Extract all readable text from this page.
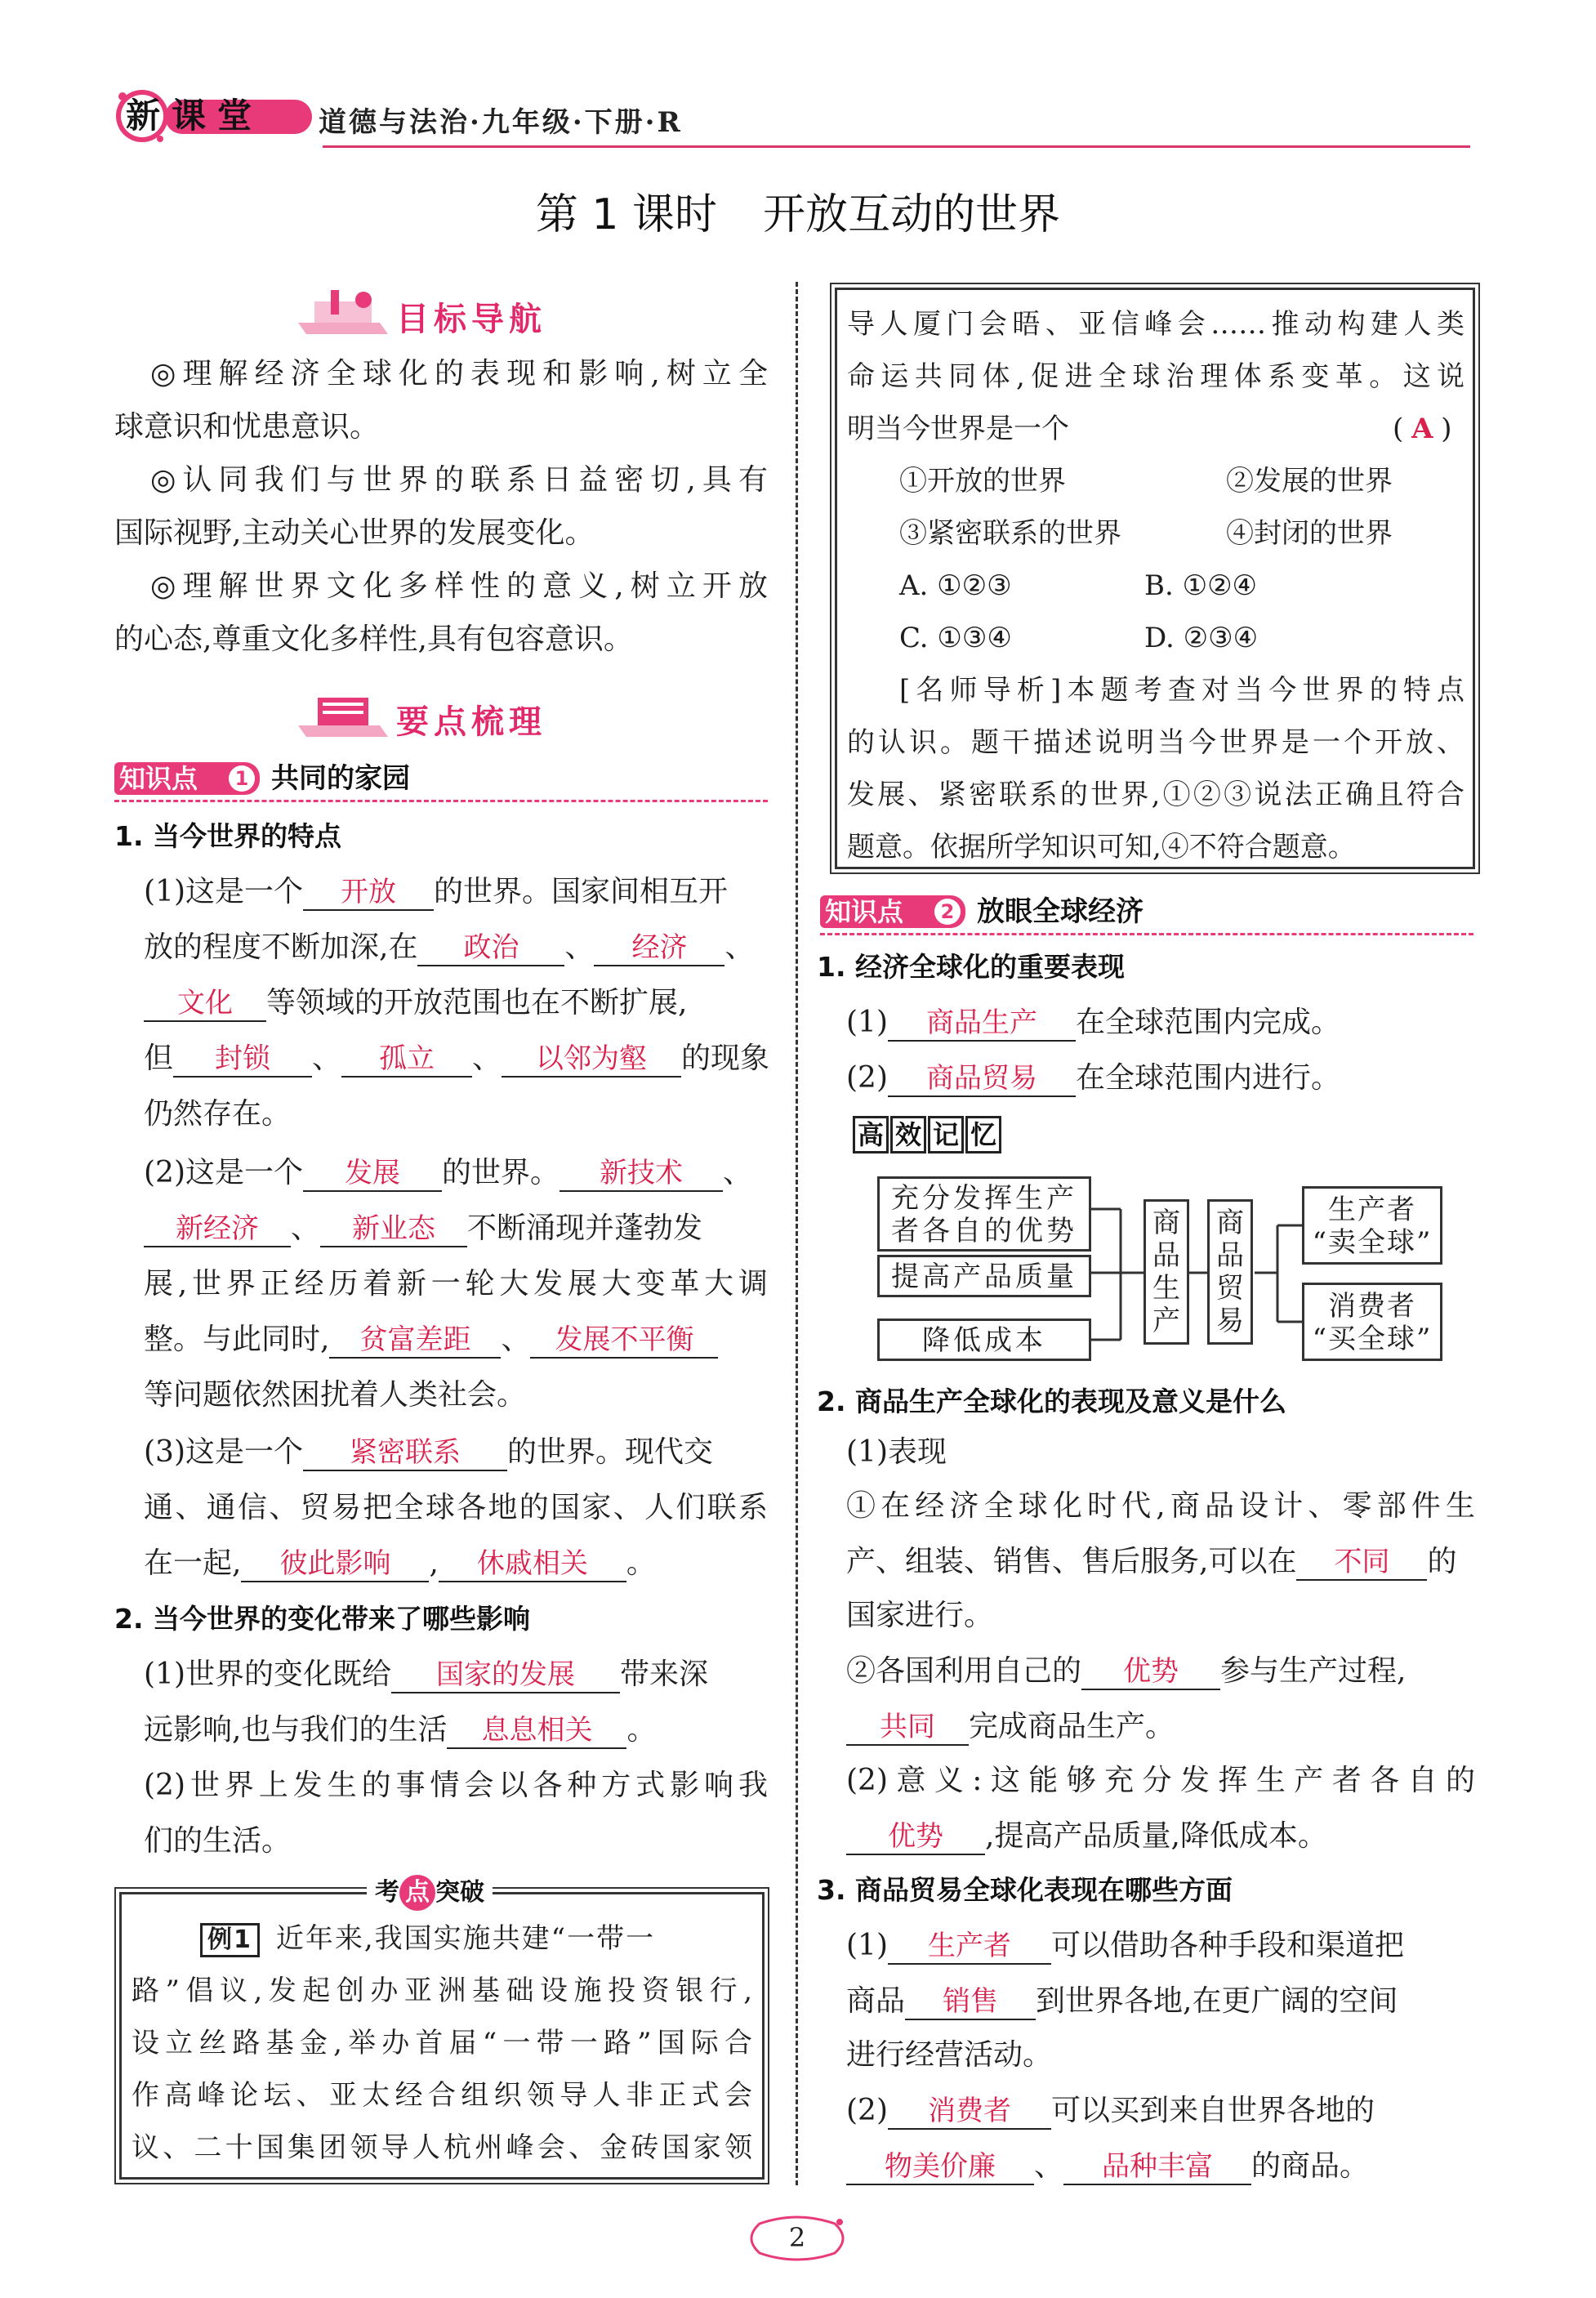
新课堂 道德与法治·九年级·下册·R
第 1 课时 开放互动的世界
目标导航
◎理解经济全球化的表现和影响,树立全
球意识和忧患意识。
◎认同我们与世界的联系日益密切,具有
国际视野,主动关心世界的发展变化。
◎理解世界文化多样性的意义,树立开放
的心态,尊重文化多样性,具有包容意识。
要点梳理
知识点	1 共同的家园
1. 当今世界的特点
(1)这是一个 开放 的世界。国家间相互开
放的程度不断加深,在 政治 、 经济 、
文化 等领域的开放范围也在不断扩展,
但 封锁 、 孤立 、 以邻为壑 的现象
仍然存在。
(2)这是一个 发展 的世界。 新技术 、
新经济 、 新业态 不断涌现并蓬勃发
展,世界正经历着新一轮大发展大变革大调
整。与此同时, 贫富差距 、 发展不平衡
等问题依然困扰着人类社会。
(3)这是一个 紧密联系 的世界。现代交
通、通信、贸易把全球各地的国家、人们联系
在一起, 彼此影响 , 休戚相关 。
2. 当今世界的变化带来了哪些影响
(1)世界的变化既给 国家的发展 带来深
远影响,也与我们的生活 息息相关 。
(2)世界上发生的事情会以各种方式影响我
们的生活。
考 点 突破
例1 近年来,我国实施共建“一带一
路”倡议,发起创办亚洲基础设施投资银行,
设立丝路基金,举办首届“一带一路”国际合
作高峰论坛、亚太经合组织领导人非正式会
议、二十国集团领导人杭州峰会、金砖国家领
导人厦门会晤、亚信峰会……推动构建人类
命运共同体,促进全球治理体系变革。这说
明当今世界是一个	( A )
①开放的世界	②发展的世界
③紧密联系的世界	④封闭的世界
A. ①②③	B. ①②④
C. ①③④	D. ②③④
[名师导析]本题考查对当今世界的特点
的认识。题干描述说明当今世界是一个开放、
发展、紧密联系的世界,①②③说法正确且符合
题意。依据所学知识可知,④不符合题意。
知识点	2 放眼全球经济
1. 经济全球化的重要表现
(1) 商品生产 在全球范围内完成。
(2) 商品贸易 在全球范围内进行。
高 效 记 忆
充分发挥生产
者各自的优势
提高产品质量
降低成本
商
品
生
产
商
品
贸
易
生产者
“卖全球”
消费者
“买全球”
2. 商品生产全球化的表现及意义是什么
(1)表现
①在经济全球化时代,商品设计、零部件生
产、组装、销售、售后服务,可以在 不同 的
国家进行。
②各国利用自己的 优势 参与生产过程,
共同 完成商品生产。
(2)意义:这能够充分发挥生产者各自的
优势 ,提高产品质量,降低成本。
3. 商品贸易全球化表现在哪些方面
(1) 生产者 可以借助各种手段和渠道把
商品 销售 到世界各地,在更广阔的空间
进行经营活动。
(2) 消费者 可以买到来自世界各地的
物美价廉 、 品种丰富 的商品。
2
